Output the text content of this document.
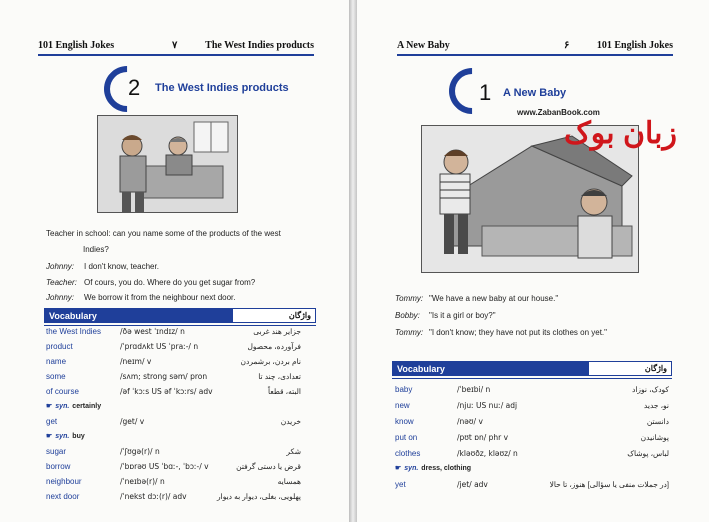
101 English Jokes	۷	The West Indies products
2 The West Indies products
Teacher in school: can you name some of the products of the west
Indies?
Johnny: I don't know, teacher.
Teacher: Of cours, you do. Where do you get sugar from?
Johnny: We borrow it from the neighbour next door.
Vocabulary	واژگان
the West Indies	/ðə west ˈɪndɪz/ n	جزایر هند غربی
product	/ˈprɑdʌkt US ˈpraː-/ n	فرآورده، محصول
name	/neɪm/ v	نام بردن، برشمردن
some	/sʌm; strong səm/ pron	تعدادی، چند تا
of course	/əf ˈkɔːs US əf ˈkɔːrs/ adv	البته، قطعاً
☛ syn. certainly
get	/get/ v	خریدن
☛ syn. buy
sugar	/ˈʃʊgə(r)/ n	شکر
borrow	/ˈbɒrəʊ US ˈbɑː-, ˈbɔː-/ v	قرض یا دستی گرفتن
neighbour	/ˈneɪbə(r)/ n	همسایه
next door	/ˈnekst dɔː(r)/ adv	پهلویی، بغلی، دیوار به دیوار
A New Baby	۶	101 English Jokes
1 A New Baby
www.ZabanBook.com
زبان بوک
Tommy: "We have a new baby at our house."
Bobby: "Is it a girl or boy?"
Tommy: "I don't know; they have not put its clothes on yet."
Vocabulary	واژگان
baby	/ˈbeɪbi/ n	کودک، نوزاد
new	/njuː US nuː/ adj	نو، جدید
know	/nəʊ/ v	دانستن
put on	/pʊt ɒn/ phr v	پوشانیدن
clothes	/kləʊðz, kləʊz/ n	لباس، پوشاک
☛ syn. dress, clothing
yet	/jet/ adv	[در جملات منفی یا سؤالی] هنوز، تا حالا
